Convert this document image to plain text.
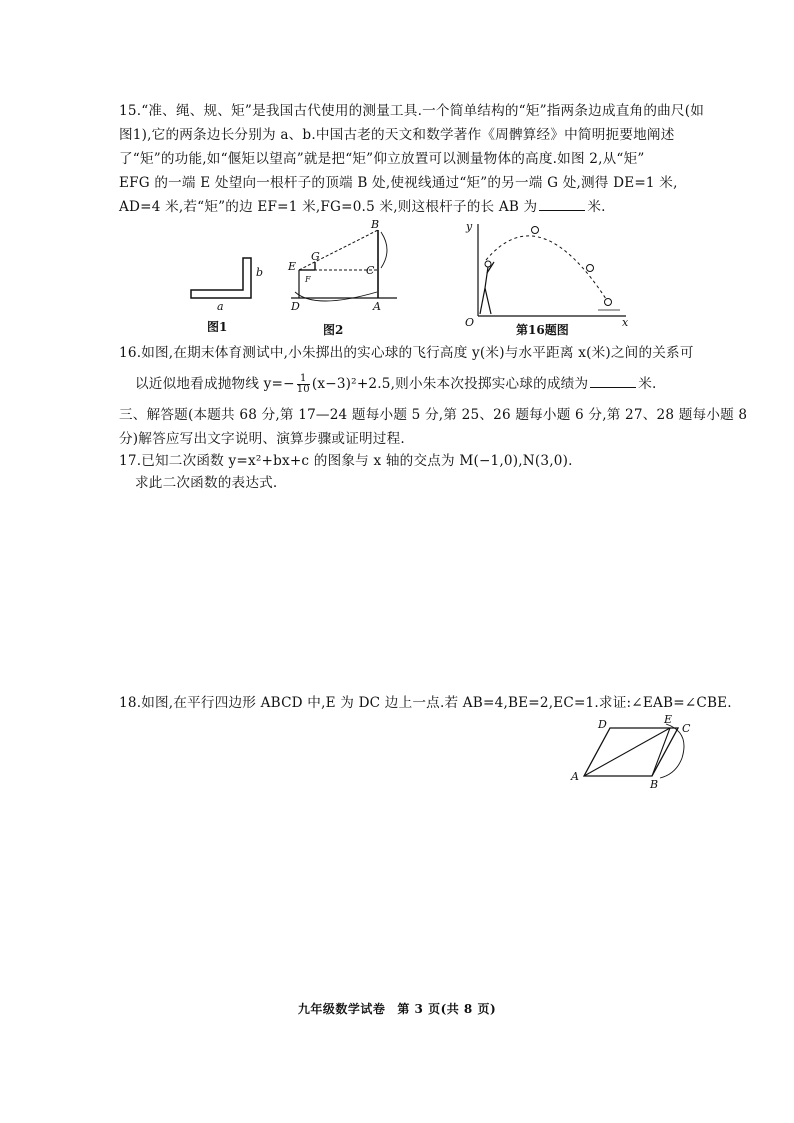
15.“准、绳、规、矩”是我国古代使用的测量工具.一个简单结构的“矩”指两条边成直角的曲尺(如
图1),它的两条边长分别为 a、b.中国古老的天文和数学著作《周髀算经》中简明扼要地阐述
了“矩”的功能,如“偃矩以望高”就是把“矩”仰立放置可以测量物体的高度.如图 2,从“矩”
EFG 的一端 E 处望向一根杆子的顶端 B 处,使视线通过“矩”的另一端 G 处,测得 DE=1 米,
AD=4 米,若“矩”的边 EF=1 米,FG=0.5 米,则这根杆子的长 AB 为	米.
a
b
图1
B
G
E	C
D	A
F
图2
y
O	x
第16题图
16.如图,在期末体育测试中,小朱掷出的实心球的飞行高度 y(米)与水平距离 x(米)之间的关系可
以近似地看成抛物线 $y=- \frac{1}{10} (x-3)^2+2.5$,则小朱本次投掷实心球的成绩为	米.
三、解答题(本题共 68 分,第 17—24 题每小题 5 分,第 25、26 题每小题 6 分,第 27、28 题每小题 8
分)解答应写出文字说明、演算步骤或证明过程.
17.已知二次函数 y=x²+bx+c 的图象与 x 轴的交点为 M(−1,0),N(3,0).
求此二次函数的表达式.
18.如图,在平行四边形 ABCD 中,E 为 DC 边上一点.若 AB=4,BE=2,EC=1.求证:∠EAB=∠CBE.
D	E
C
A
B
九年级数学试卷 第 3 页(共 8 页)
